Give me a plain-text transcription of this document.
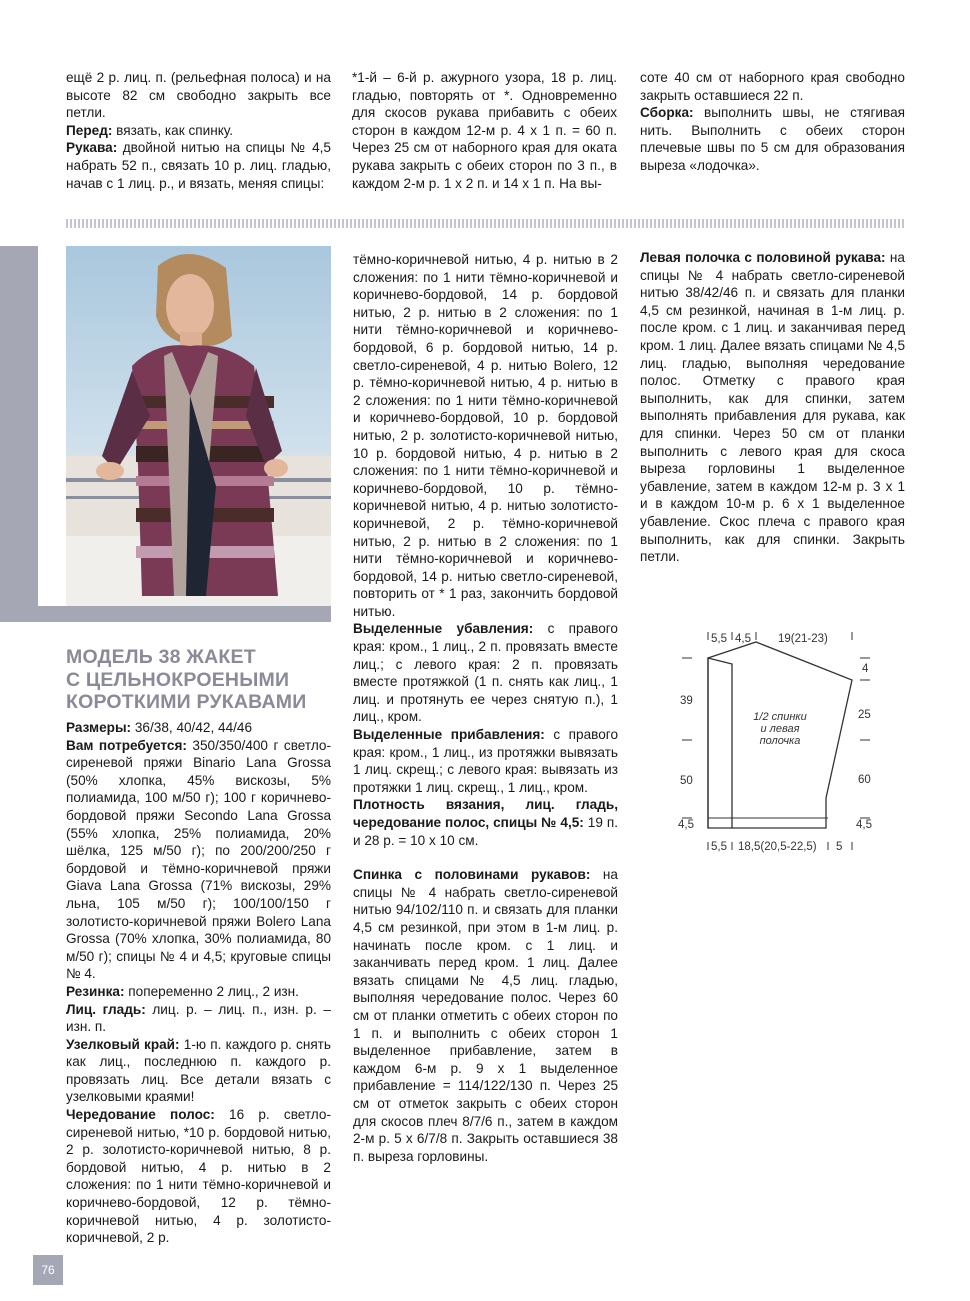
ещё 2 р. лиц. п. (рельефная полоса) и на высоте 82 см свободно закрыть все петли.

Перед: вязать, как спинку.

Рукава: двойной нитью на спицы № 4,5 набрать 52 п., связать 10 р. лиц. гладью, начав с 1 лиц. р., и вязать, меняя спицы:

*1-й – 6-й р. ажурного узора, 18 р. лиц. гладью, повторять от *. Одновременно для скосов рукава прибавить с обеих сторон в каждом 12-м р. 4 х 1 п. = 60 п. Через 25 см от наборного края для оката рукава закрыть с обеих сторон по 3 п., в каждом 2-м р. 1 х 2 п. и 14 х 1 п. На вы-

соте 40 см от наборного края свободно закрыть оставшиеся 22 п.

Сборка: выполнить швы, не стягивая нить. Выполнить с обеих сторон плечевые швы по 5 см для образования выреза «лодочка».

МОДЕЛЬ 38 ЖАКЕТ
С ЦЕЛЬНОКРОЕНЫМИ
КОРОТКИМИ РУКАВАМИ

Размеры: 36/38, 40/42, 44/46

Вам потребуется: 350/350/400 г светло-сиреневой пряжи Binario Lana Grossa (50% хлопка, 45% вискозы, 5% полиамида, 100 м/50 г); 100 г коричнево-бордовой пряжи Secondo Lana Grossa (55% хлопка, 25% полиамида, 20% шёлка, 125 м/50 г); по 200/200/250 г бордовой и тёмно-коричневой пряжи Giava Lana Grossa (71% вискозы, 29% льна, 105 м/50 г); 100/100/150 г золотисто-коричневой пряжи Bolero Lana Grossa (70% хлопка, 30% полиамида, 80 м/50 г); спицы № 4 и 4,5; круговые спицы № 4.

Резинка: попеременно 2 лиц., 2 изн.

Лиц. гладь: лиц. р. – лиц. п., изн. р. – изн. п.

Узелковый край: 1-ю п. каждого р. снять как лиц., последнюю п. каждого р. провязать лиц. Все детали вязать с узелковыми краями!

Чередование полос: 16 р. светло-сиреневой нитью, *10 р. бордовой нитью, 2 р. золотисто-коричневой нитью, 8 р. бордовой нитью, 4 р. нитью в 2 сложения: по 1 нити тёмно-коричневой и коричнево-бордовой, 12 р. тёмно-коричневой нитью, 4 р. золотисто-коричневой, 2 р.

тёмно-коричневой нитью, 4 р. нитью в 2 сложения: по 1 нити тёмно-коричневой и коричнево-бордовой, 14 р. бордовой нитью, 2 р. нитью в 2 сложения: по 1 нити тёмно-коричневой и коричнево-бордовой, 6 р. бордовой нитью, 14 р. светло-сиреневой, 4 р. нитью Bolero, 12 р. тёмно-коричневой нитью, 4 р. нитью в 2 сложения: по 1 нити тёмно-коричневой и коричнево-бордовой, 10 р. бордовой нитью, 2 р. золотисто-коричневой нитью, 10 р. бордовой нитью, 4 р. нитью в 2 сложения: по 1 нити тёмно-коричневой и коричнево-бордовой, 10 р. тёмно-коричневой нитью, 4 р. нитью золотисто-коричневой, 2 р. тёмно-коричневой нитью, 2 р. нитью в 2 сложения: по 1 нити тёмно-коричневой и коричнево-бордовой, 14 р. нитью светло-сиреневой, повторить от * 1 раз, закончить бордовой нитью.

Выделенные убавления: с правого края: кром., 1 лиц., 2 п. провязать вместе лиц.; с левого края: 2 п. провязать вместе протяжкой (1 п. снять как лиц., 1 лиц. и протянуть ее через снятую п.), 1 лиц., кром.

Выделенные прибавления: с правого края: кром., 1 лиц., из протяжки вывязать 1 лиц. скрещ.; с левого края: вывязать из протяжки 1 лиц. скрещ., 1 лиц., кром.

Плотность вязания, лиц. гладь, чередование полос, спицы № 4,5: 19 п. и 28 р. = 10 х 10 см.

Спинка с половинами рукавов: на спицы № 4 набрать светло-сиреневой нитью 94/102/110 п. и связать для планки 4,5 см резинкой, при этом в 1-м лиц. р. начинать после кром. с 1 лиц. и заканчивать перед кром. 1 лиц. Далее вязать спицами № 4,5 лиц. гладью, выполняя чередование полос. Через 60 см от планки отметить с обеих сторон по 1 п. и выполнить с обеих сторон 1 выделенное прибавление, затем в каждом 6-м р. 9 х 1 выделенное прибавление = 114/122/130 п. Через 25 см от отметок закрыть с обеих сторон для скосов плеч 8/7/6 п., затем в каждом 2-м р. 5 х 6/7/8 п. Закрыть оставшиеся 38 п. выреза горловины.

Левая полочка с половиной рукава: на спицы № 4 набрать светло-сиреневой нитью 38/42/46 п. и связать для планки 4,5 см резинкой, начиная в 1-м лиц. р. после кром. с 1 лиц. и заканчивая перед кром. 1 лиц. Далее вязать спицами № 4,5 лиц. гладью, выполняя чередование полос. Отметку с правого края выполнить, как для спинки, затем выполнять прибавления для рукава, как для спинки. Через 50 см от планки выполнить с левого края для скоса выреза горловины 1 выделенное убавление, затем в каждом 12-м р. 3 х 1 и в каждом 10-м р. 6 х 1 выделенное убавление. Скос плеча с правого края выполнить, как для спинки. Закрыть петли.

76
5,5 4,5 19(21-23)
4
25
60
4,5
39
50
4,5
5,5 18,5(20,5-22,5) 5
1/2 спинки
и левая
полочка
